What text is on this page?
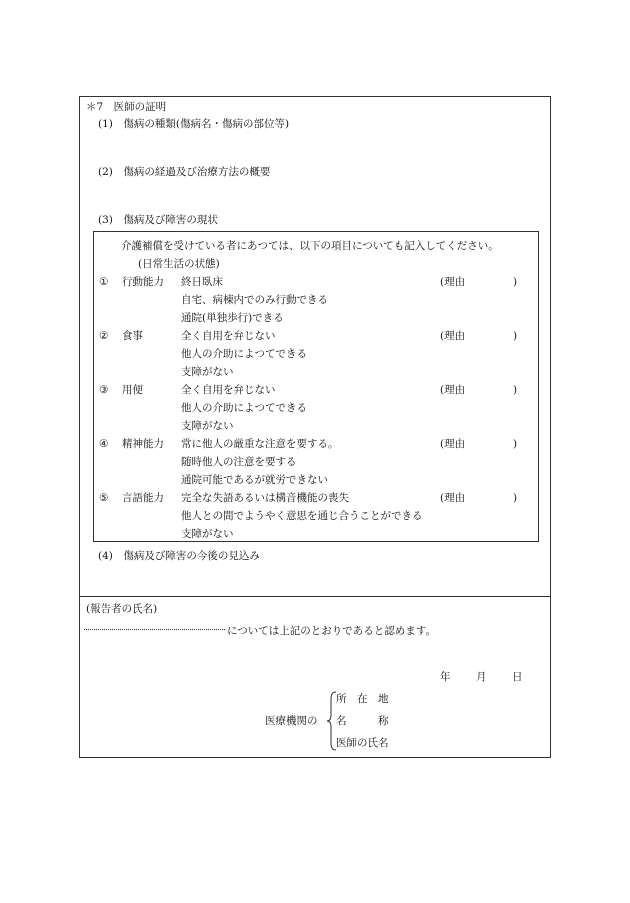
＊7　医師の証明
(1)　傷病の種類(傷病名・傷病の部位等)
(2)　傷病の経過及び治療方法の概要
(3)　傷病及び障害の現状
介護補償を受けている者にあつては、以下の項目についても記入してください。
(日常生活の状態)
① 行動能力 終日臥床
自宅、病棟内でのみ行動できる
通院(単独歩行)できる
(理由	)
② 食事	全く自用を弁じない
他人の介助によつてできる
支障がない
(理由	)
③ 用便	全く自用を弁じない
他人の介助によつてできる
支障がない
(理由	)
④ 精神能力 常に他人の厳重な注意を要する。
随時他人の注意を要する
通院可能であるが就労できない
(理由	)
⑤ 言語能力 完全な失語あるいは構音機能の喪失
他人との間でようやく意思を通じ合うことができる
支障がない
(理由	)
(4)　傷病及び障害の今後の見込み
(報告者の氏名)
については上記のとおりであると認めます。
年 月 日
医療機関の
所　在　地
名　　　称
医師の氏名
